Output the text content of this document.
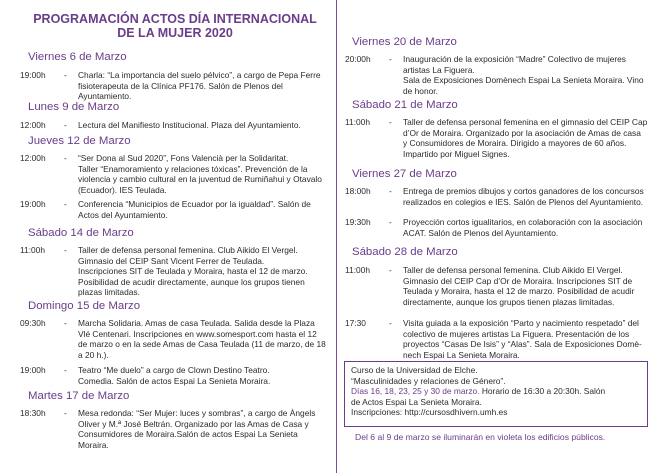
PROGRAMACIÓN ACTOS DÍA INTERNACIONAL
DE LA MUJER 2020
Viernes 6 de Marzo
19:00h	- Charla: “La importancia del suelo pélvico”, a cargo de Pepa Ferre
fisioterapeuta de la Clínica PF176. Salón de Plenos del
Ayuntamiento.
Lunes 9 de Marzo
12:00h	- Lectura del Manifiesto Institucional. Plaza del Ayuntamiento.
Jueves 12 de Marzo
12:00h	- “Ser Dona al Sud 2020”, Fons Valencià per la Solidaritat.
Taller “Enamoramiento y relaciones tóxicas”. Prevención de la
violencia y cambio cultural en la juventud de Rumiñahui y Otavalo
(Ecuador). IES Teulada.
19:00h	- Conferencia “Municipios de Ecuador por la igualdad”. Salón de
Actos del Ayuntamiento.
Sábado 14 de Marzo
11:00h	- Taller de defensa personal femenina. Club Aikido El Vergel.
Gimnasio del CEIP Sant Vicent Ferrer de Teulada.
Inscripciones SIT de Teulada y Moraira, hasta el 12 de marzo.
Posibilidad de acudir directamente, aunque los grupos tienen
plazas limitadas.
Domingo 15 de Marzo
09:30h	- Marcha Solidaria. Amas de casa Teulada. Salida desde la Plaza
Vlé Centenari. Inscripciones en www.somesport.com hasta el 12
de marzo o en la sede Amas de Casa Teulada (11 de marzo, de 18
a 20 h.).
19:00h	- Teatro “Me duelo” a cargo de Clown Destino Teatro.
Comedia. Salón de actos Espai La Senieta Moraira.
Martes 17 de Marzo
18:30h	- Mesa redonda: “Ser Mujer: luces y sombras”, a cargo de Àngels
Oliver y M.ª José Beltrán. Organizado por las Amas de Casa y
Consumidores de Moraira.Salón de actos Espai La Senieta
Moraira.
Viernes 20 de Marzo
20:00h	- Inauguración de la exposición “Madre” Colectivo de mujeres
artistas La Figuera.
Sala de Exposiciones Domènech Espai La Senieta Moraira. Vino
de honor.
Sábado 21 de Marzo
11:00h	- Taller de defensa personal femenina en el gimnasio del CEIP Cap
d’Or de Moraira. Organizado por la asociación de Amas de casa
y Consumidores de Moraira. Dirigido a mayores de 60 años.
Impartido por Miguel Signes.
Viernes 27 de Marzo
18:00h	- Entrega de premios dibujos y cortos ganadores de los concursos
realizados en colegios e IES. Salón de Plenos del Ayuntamiento.
19:30h	- Proyección cortos igualitarios, en colaboración con la asociación
ACAT. Salón de Plenos del Ayuntamiento.
Sábado 28 de Marzo
11:00h	- Taller de defensa personal femenina. Club Aikido El Vergel.
Gimnasio del CEIP Cap d’Or de Moraira. Inscripciones SIT de
Teulada y Moraira, hasta el 12 de marzo. Posibilidad de acudir
directamente, aunque los grupos tienen plazas limitadas.
17:30	- Visita guiada a la exposición “Parto y nacimiento respetado” del
colectivo de mujeres artistas La Figuera. Presentación de los
proyectos “Casas De Isis” y “Alas”. Sala de Exposiciones Domè-
nech Espai La Senieta Moraira.
Curso de la Universidad de Elche.
“Masculinidades y relaciones de Género”.
Días 16, 18, 23, 25 y 30 de marzo. Horario de 16:30 a 20:30h. Salón
de Actos Espai La Senieta Moraira.
Inscripciones: http://cursosdhivern.umh.es
Del 6 al 9 de marzo se iluminarán en violeta los edificios públicos.
